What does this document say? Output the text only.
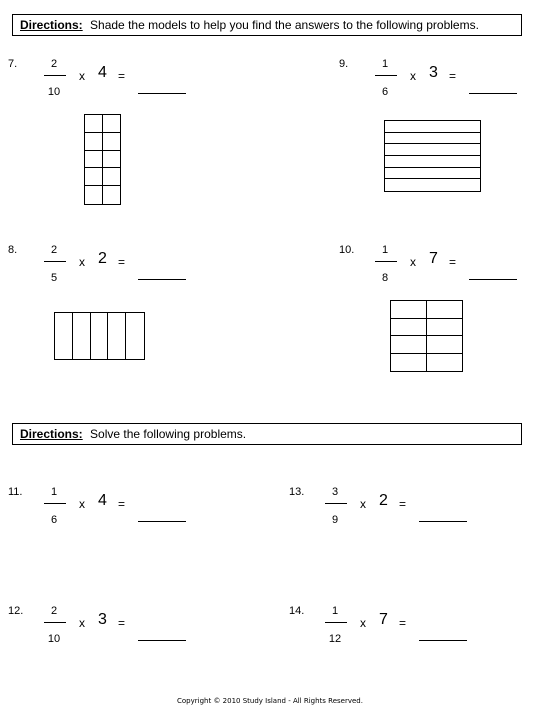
Directions: Shade the models to help you find the answers to the following problems.
7.	2
10
x 4 =
9.	1
6
x 3 =
8.	2
5
x 2 =
10.	1
8
x 7 =
Directions: Solve the following problems.
11.	1
6
x 4 =
13.	3
9
x 2 =
12.	2
10
x 3 =
14.	1
12
x 7 =
Copyright © 2010 Study Island - All Rights Reserved.
